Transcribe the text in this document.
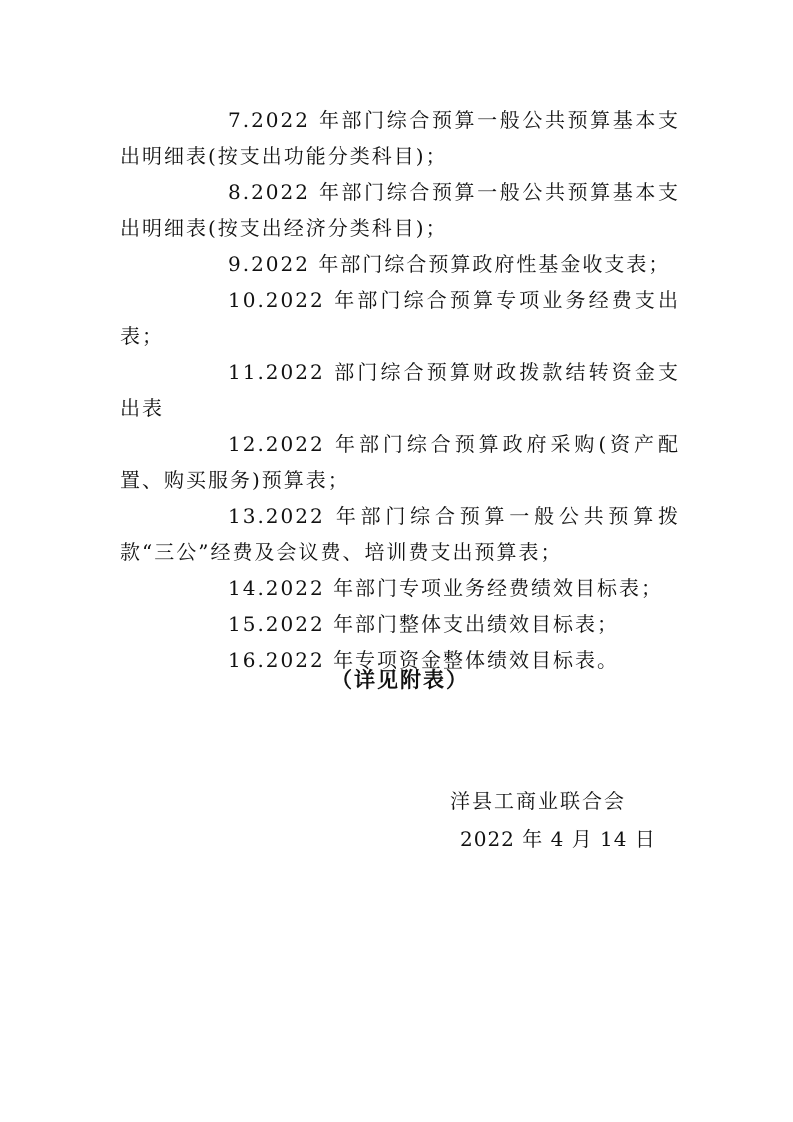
7.2022 年部门综合预算一般公共预算基本支出明细表(按支出功能分类科目)；

8.2022 年部门综合预算一般公共预算基本支出明细表(按支出经济分类科目)；

9.2022 年部门综合预算政府性基金收支表；

10.2022 年部门综合预算专项业务经费支出表；

11.2022 部门综合预算财政拨款结转资金支出表

12.2022 年部门综合预算政府采购(资产配置、购买服务)预算表；

13.2022 年部门综合预算一般公共预算拨款“三公”经费及会议费、培训费支出预算表；

14.2022 年部门专项业务经费绩效目标表；

15.2022 年部门整体支出绩效目标表；

16.2022 年专项资金整体绩效目标表。

（详见附表）
洋县工商业联合会
2022 年 4 月 14 日
